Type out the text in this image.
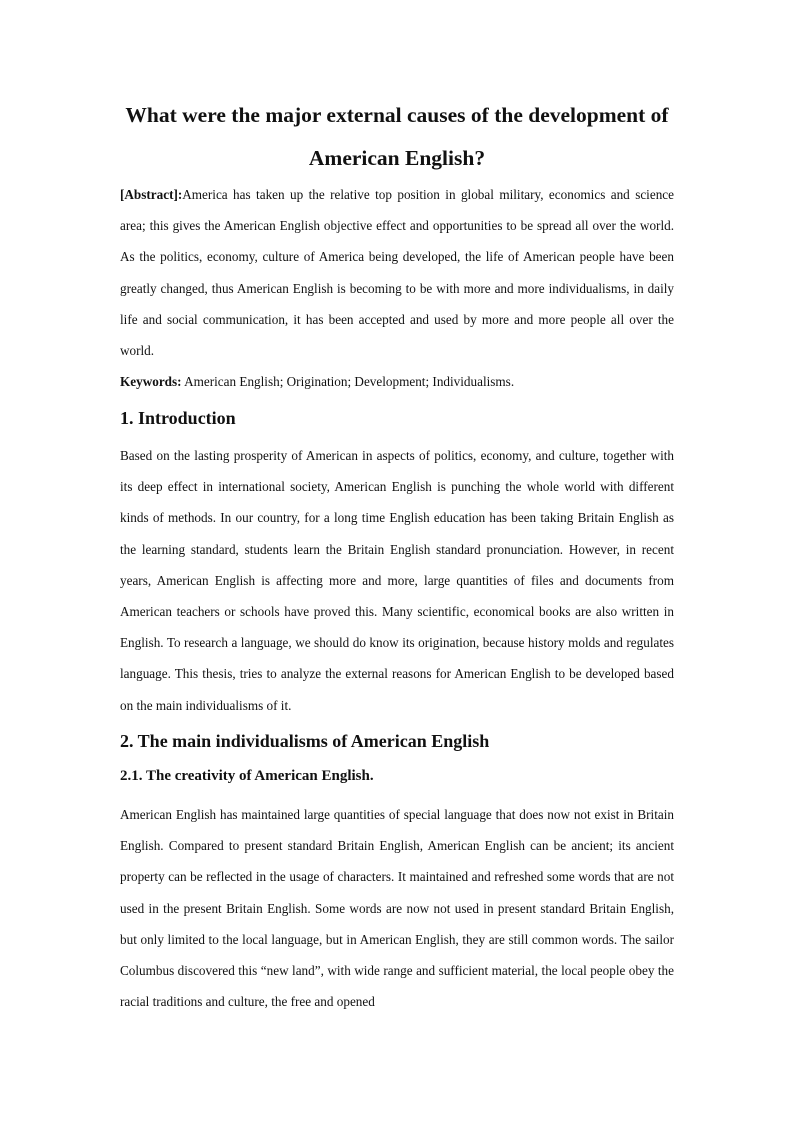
What were the major external causes of the development of
American English?

[Abstract]:America has taken up the relative top position in global military, economics and science area; this gives the American English objective effect and opportunities to be spread all over the world. As the politics, economy, culture of America being developed, the life of American people have been greatly changed, thus American English is becoming to be with more and more individualisms, in daily life and social communication, it has been accepted and used by more and more people all over the world.

Keywords: American English; Origination; Development; Individualisms.

1. Introduction

Based on the lasting prosperity of American in aspects of politics, economy, and culture, together with its deep effect in international society, American English is punching the whole world with different kinds of methods. In our country, for a long time English education has been taking Britain English as the learning standard, students learn the Britain English standard pronunciation. However, in recent years, American English is affecting more and more, large quantities of files and documents from American teachers or schools have proved this. Many scientific, economical books are also written in English. To research a language, we should do know its origination, because history molds and regulates language. This thesis, tries to analyze the external reasons for American English to be developed based on the main individualisms of it.

2. The main individualisms of American English
2.1. The creativity of American English.

American English has maintained large quantities of special language that does now not exist in Britain English. Compared to present standard Britain English, American English can be ancient; its ancient property can be reflected in the usage of characters. It maintained and refreshed some words that are not used in the present Britain English. Some words are now not used in present standard Britain English, but only limited to the local language, but in American English, they are still common words. The sailor Columbus discovered this “new land”, with wide range and sufficient material, the local people obey the racial traditions and culture, the free and opened
